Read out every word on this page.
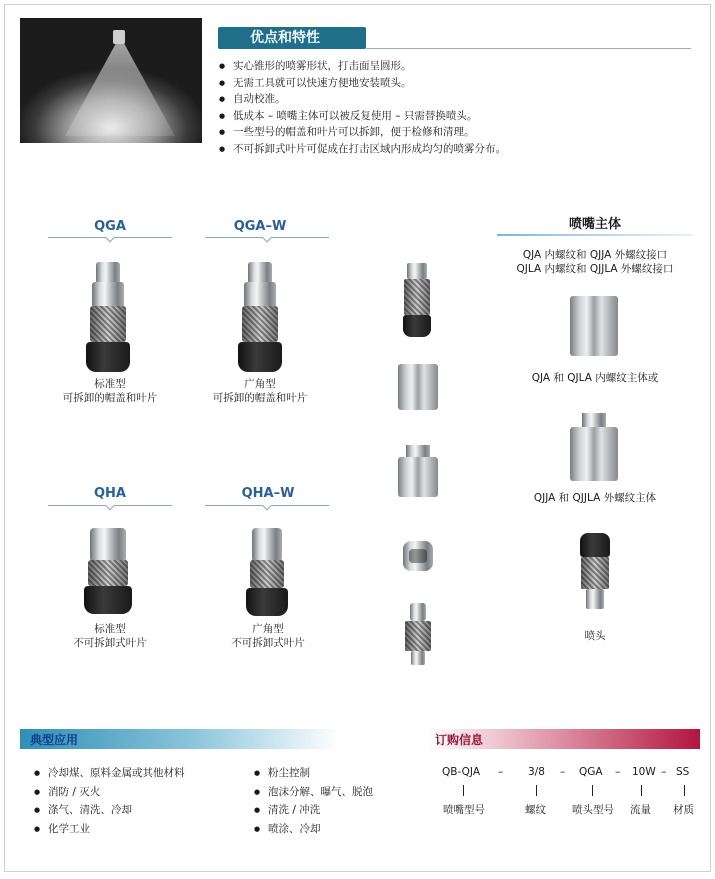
优点和特性
● 实心锥形的喷雾形状，打击面呈圆形。
● 无需工具就可以快速方便地安装喷头。
● 自动校准。
● 低成本 – 喷嘴主体可以被反复使用 – 只需替换喷头。
● 一些型号的帽盖和叶片可以拆卸，便于检修和清理。
● 不可拆卸式叶片可促成在打击区域内形成均匀的喷雾分布。
QGA
标准型
可拆卸的帽盖和叶片
QGA–W
广角型
可拆卸的帽盖和叶片
QHA
标准型
不可拆卸式叶片
QHA–W
广角型
不可拆卸式叶片
喷嘴主体
QJA 内螺纹和 QJJA 外螺纹接口
QJLA 内螺纹和 QJJLA 外螺纹接口
QJA 和 QJLA 内螺纹主体或
QJJA 和 QJJLA 外螺纹主体
喷头
典型应用
● 冷却煤、原料金属或其他材料
● 消防 / 灭火
● 涤气、清洗、冷却
● 化学工业
● 粉尘控制
● 泡沫分解、曝气、脱泡
● 清洗 / 冲洗
● 喷涂、冷却
订购信息
QB-QJA – 3/8 – QGA – 10W – SS
喷嘴型号	螺纹 喷头型号 流量 材质
